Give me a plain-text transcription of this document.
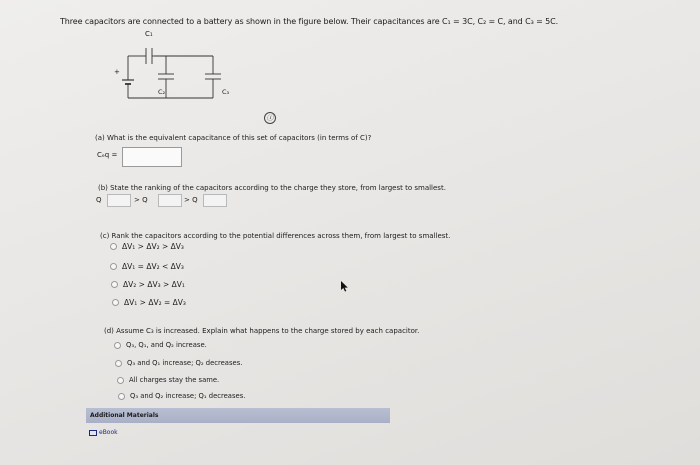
Three capacitors are connected to a battery as shown in the figure below. Their capacitances are C₁ = 3C, C₂ = C, and C₃ = 5C.
C₁
C₂	C₃
+
ⓘ
(a) What is the equivalent capacitance of this set of capacitors (in terms of C)?
Cₑq =
(b) State the ranking of the capacitors according to the charge they store, from largest to smallest.
Q	> Q	> Q
(c) Rank the capacitors according to the potential differences across them, from largest to smallest.
ΔV₁ > ΔV₂ > ΔV₃
ΔV₁ = ΔV₂ < ΔV₃
ΔV₂ > ΔV₃ > ΔV₁
ΔV₁ > ΔV₂ = ΔV₃
(d) Assume C₃ is increased. Explain what happens to the charge stored by each capacitor.
Q₃, Q₁, and Q₂ increase.
Q₃ and Q₁ increase; Q₂ decreases.
All charges stay the same.
Q₃ and Q₂ increase; Q₁ decreases.
Additional Materials
eBook
